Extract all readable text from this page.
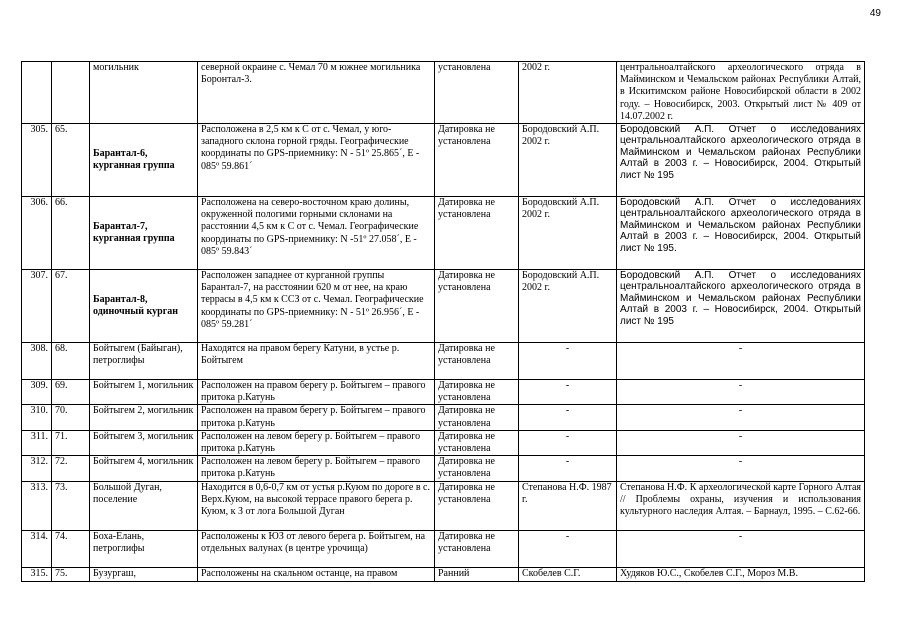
49
		могильник	северной окраине с. Чемал 70 м южнее могильника Боронтал-3.	установлена	2002 г.	центральноалтайского археологического отряда в Майминском и Чемальском районах Республики Алтай, в Искитимском районе Новосибирской области в 2002 году. – Новосибирск, 2003. Открытый лист № 409 от 14.07.2002 г.
305.	65.	Барантал-6, курганная группа	Расположена в 2,5 км к С от с. Чемал, у юго-западного склона горной гряды. Географические координаты по GPS-приемнику: N - 51º 25.865´, E - 085º 59.861´	Датировка не установлена	Бородовский А.П. 2002 г.	Бородовский А.П. Отчет о исследованиях центральноалтайского археологического отряда в Майминском и Чемальском районах Республики Алтай в 2003 г. – Новосибирск, 2004. Открытый лист № 195
306.	66.	Барантал-7, курганная группа	Расположена на северо-восточном краю долины, окруженной пологими горными склонами на расстоянии 4,5 км к С от с. Чемал. Географические координаты по GPS-приемнику: N -51º 27.058´, E - 085º 59.843´	Датировка не установлена	Бородовский А.П. 2002 г.	Бородовский А.П. Отчет о исследованиях центральноалтайского археологического отряда в Майминском и Чемальском районах Республики Алтай в 2003 г. – Новосибирск, 2004. Открытый лист № 195.
307.	67.	Барантал-8, одиночный курган	Расположен западнее от курганной группы Барантал-7, на расстоянии 620 м от нее, на краю террасы в 4,5 км к ССЗ от с. Чемал. Географические координаты по GPS-приемнику: N - 51º 26.956´, E - 085º 59.281´	Датировка не установлена	Бородовский А.П. 2002 г.	Бородовский А.П. Отчет о исследованиях центральноалтайского археологического отряда в Майминском и Чемальском районах Республики Алтай в 2003 г. – Новосибирск, 2004. Открытый лист № 195
308.	68.	Бойтыгем (Байыган), петроглифы	Находятся на правом берегу Катуни, в устье р. Бойтыгем	Датировка не установлена	-	-
309.	69.	Бойтыгем 1, могильник	Расположен на правом берегу р. Бойтыгем – правого притока р.Катунь	Датировка не установлена	-	-
310.	70.	Бойтыгем 2, могильник	Расположен на правом берегу р. Бойтыгем – правого притока р.Катунь	Датировка не установлена	-	-
311.	71.	Бойтыгем 3, могильник	Расположен на левом берегу р. Бойтыгем – правого притока р.Катунь	Датировка не установлена	-	-
312.	72.	Бойтыгем 4, могильник	Расположен на левом берегу р. Бойтыгем – правого притока р.Катунь	Датировка не установлена	-	-
313.	73.	Большой Дуган, поселение	Находится в 0,6-0,7 км от устья р.Куюм по дороге в с. Верх.Куюм, на высокой террасе правого берега р. Куюм, к З от лога Большой Дуган	Датировка не установлена	Степанова Н.Ф. 1987 г.	Степанова Н.Ф. К археологической карте Горного Алтая // Проблемы охраны, изучения и использования культурного наследия Алтая. – Барнаул, 1995. – С.62-66.
314.	74.	Боха-Елань, петроглифы	Расположены к ЮЗ от левого берега р. Бойтыгем, на отдельных валунах (в центре урочища)	Датировка не установлена	-	-
315.	75.	Бузургаш,	Расположены на скальном останце, на правом	Ранний	Скобелев С.Г.	Худяков Ю.С., Скобелев С.Г., Мороз М.В.
